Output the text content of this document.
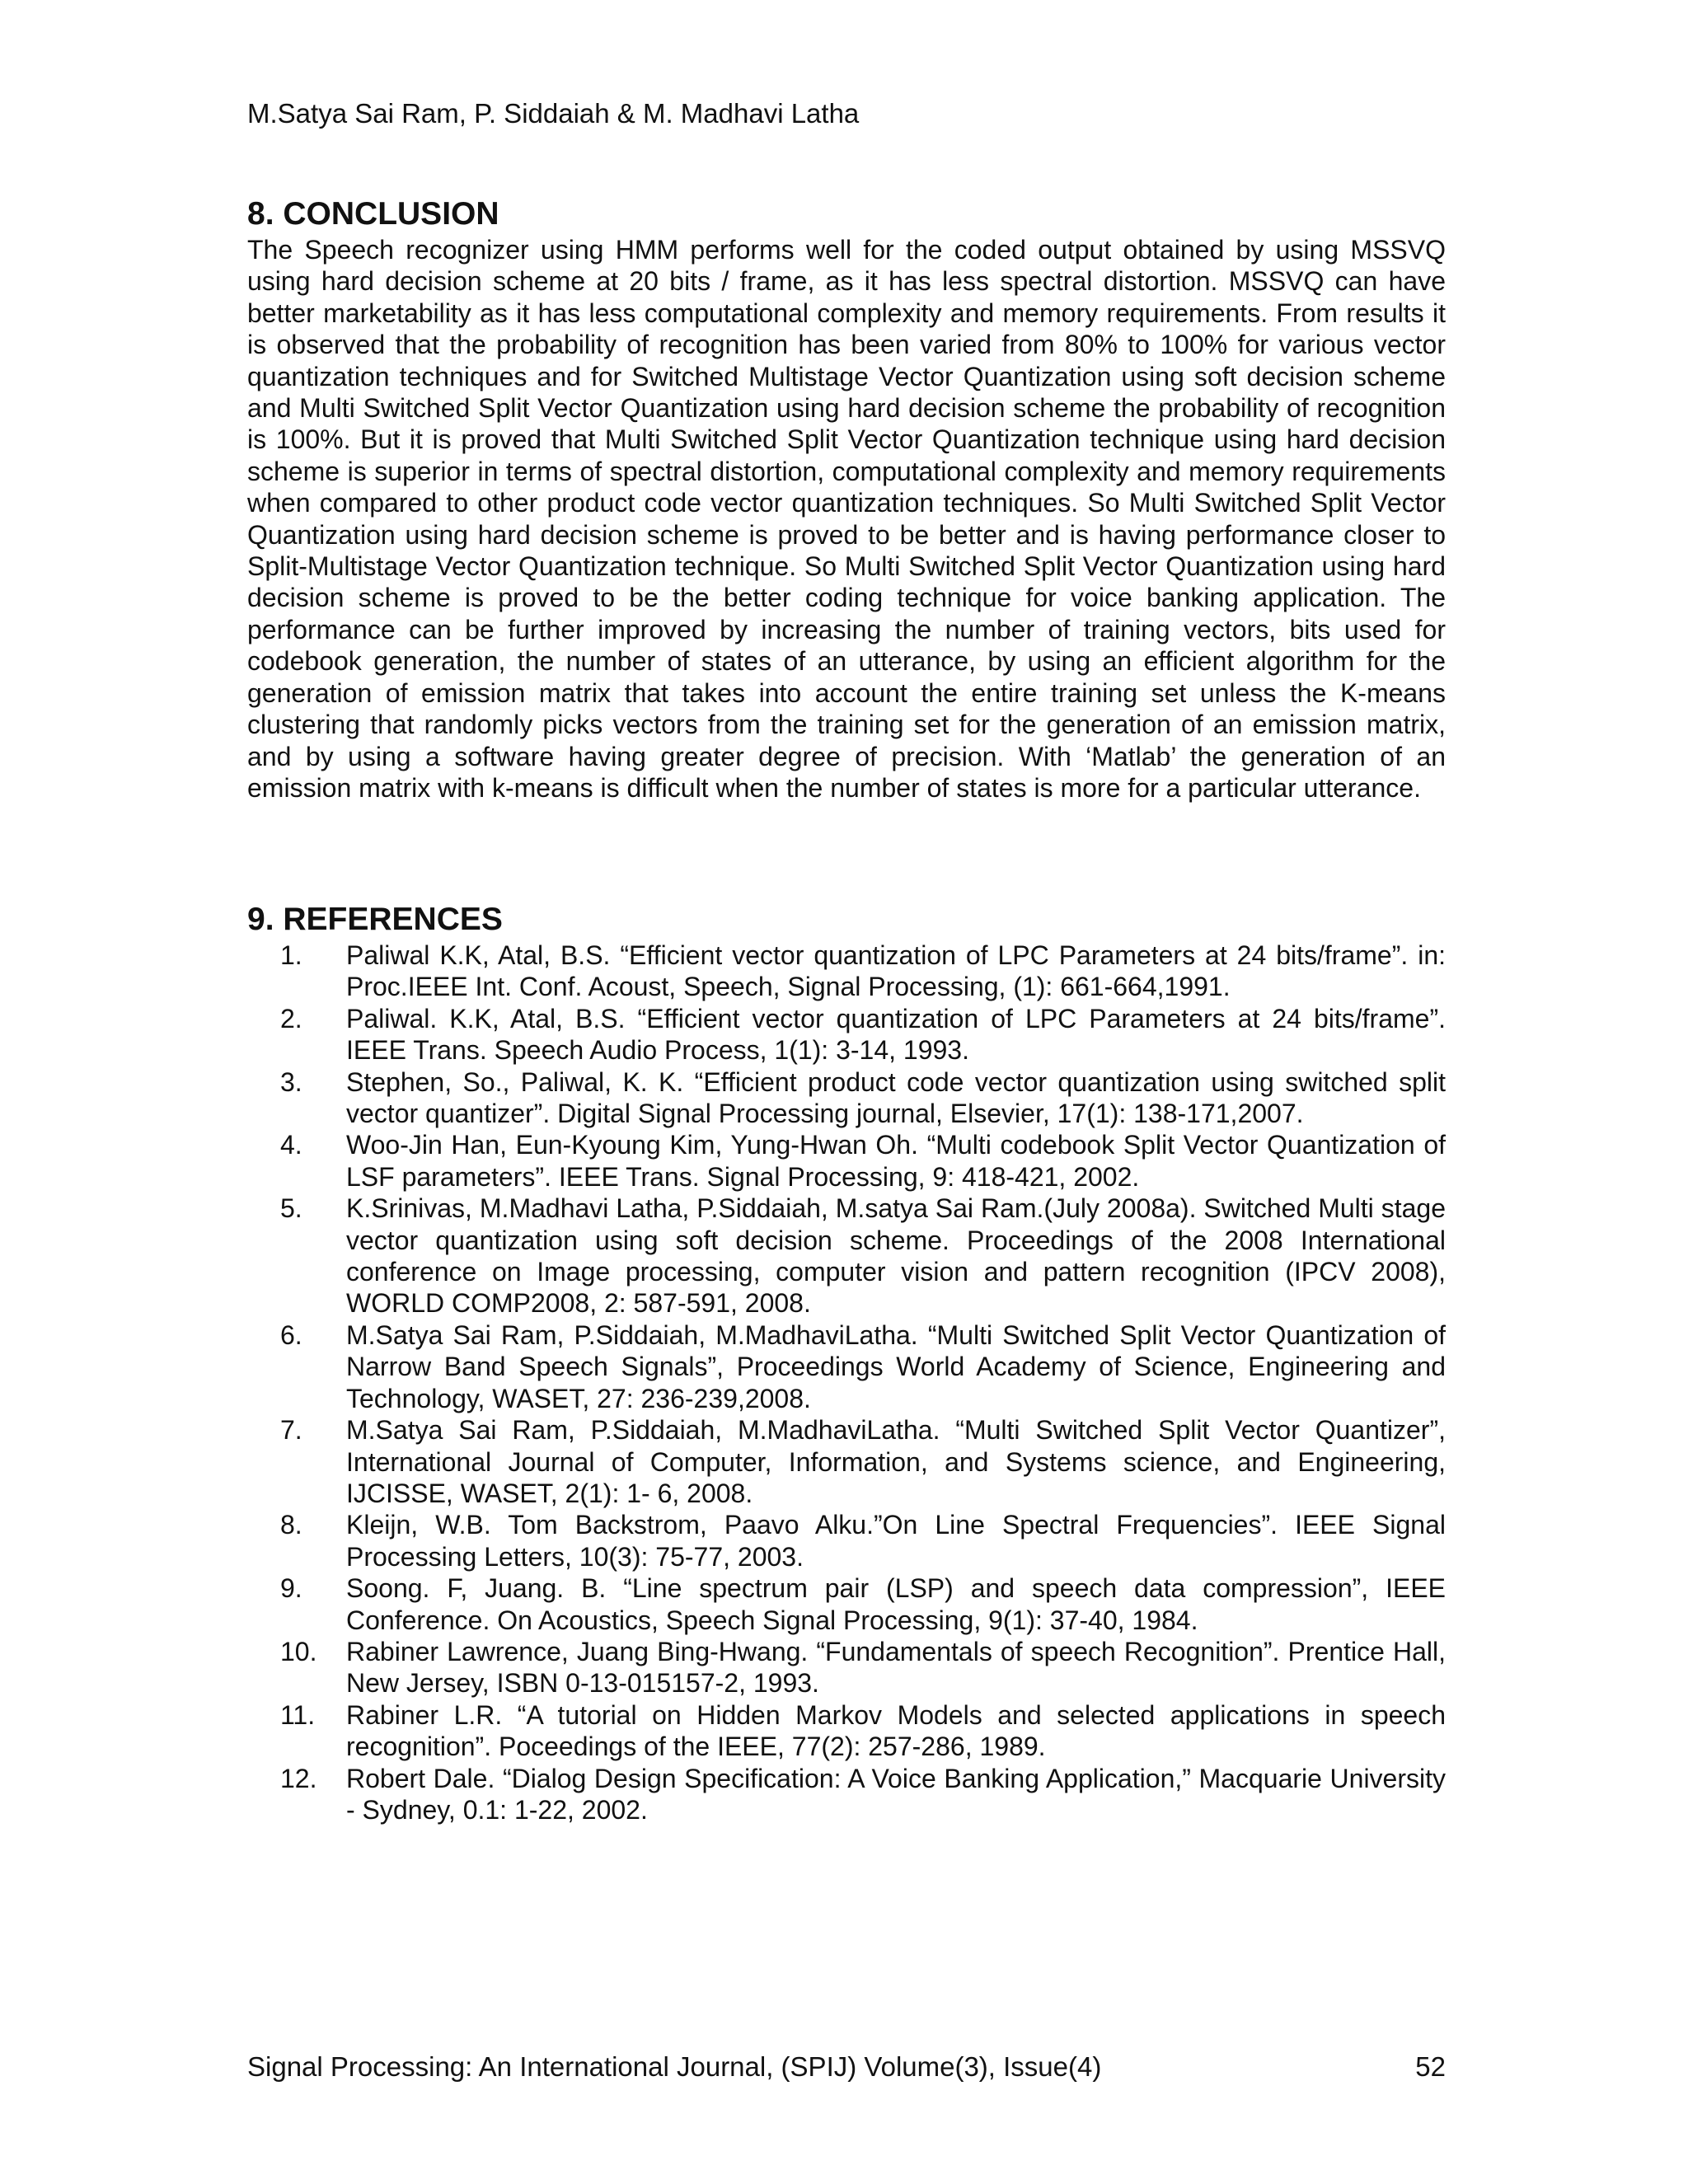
M.Satya Sai Ram, P. Siddaiah & M. Madhavi Latha
8. CONCLUSION

The Speech recognizer using HMM performs well for the coded output obtained by using MSSVQ using hard decision scheme at 20 bits / frame, as it has less spectral distortion. MSSVQ can have better marketability as it has less computational complexity and memory requirements. From results it is observed that the probability of recognition has been varied from 80% to 100% for various vector quantization techniques and for Switched Multistage Vector Quantization using soft decision scheme and Multi Switched Split Vector Quantization using hard decision scheme the probability of recognition is 100%. But it is proved that Multi Switched Split Vector Quantization technique using hard decision scheme is superior in terms of spectral distortion, computational complexity and memory requirements when compared to other product code vector quantization techniques. So Multi Switched Split Vector Quantization using hard decision scheme is proved to be better and is having performance closer to Split-Multistage Vector Quantization technique. So Multi Switched Split Vector Quantization using hard decision scheme is proved to be the better coding technique for voice banking application. The performance can be further improved by increasing the number of training vectors, bits used for codebook generation, the number of states of an utterance, by using an efficient algorithm for the generation of emission matrix that takes into account the entire training set unless the K-means clustering that randomly picks vectors from the training set for the generation of an emission matrix, and by using a software having greater degree of precision. With ‘Matlab’ the generation of an emission matrix with k-means is difficult when the number of states is more for a particular utterance.

9. REFERENCES
1.	Paliwal K.K, Atal, B.S. “Efficient vector quantization of LPC Parameters at 24 bits/frame”. in: Proc.IEEE Int. Conf. Acoust, Speech, Signal Processing, (1): 661-664,1991.
2.	Paliwal. K.K, Atal, B.S. “Efficient vector quantization of LPC Parameters at 24 bits/frame”. IEEE Trans. Speech Audio Process, 1(1): 3-14, 1993.
3.	Stephen, So., Paliwal, K. K. “Efficient product code vector quantization using switched split vector quantizer”. Digital Signal Processing journal, Elsevier, 17(1): 138-171,2007.
4.	Woo-Jin Han, Eun-Kyoung Kim, Yung-Hwan Oh. “Multi codebook Split Vector Quantization of LSF parameters”. IEEE Trans. Signal Processing, 9: 418-421, 2002.
5.	K.Srinivas, M.Madhavi Latha, P.Siddaiah, M.satya Sai Ram.(July 2008a). Switched Multi stage vector quantization using soft decision scheme. Proceedings of the 2008 International conference on Image processing, computer vision and pattern recognition (IPCV 2008), WORLD COMP2008, 2: 587-591, 2008.
6.	M.Satya Sai Ram, P.Siddaiah, M.MadhaviLatha. “Multi Switched Split Vector Quantization of Narrow Band Speech Signals”, Proceedings World Academy of Science, Engineering and Technology, WASET, 27: 236-239,2008.
7.	M.Satya Sai Ram, P.Siddaiah, M.MadhaviLatha. “Multi Switched Split Vector Quantizer”, International Journal of Computer, Information, and Systems science, and Engineering, IJCISSE, WASET, 2(1): 1- 6, 2008.
8.	Kleijn, W.B. Tom Backstrom, Paavo Alku.”On Line Spectral Frequencies”. IEEE Signal Processing Letters, 10(3): 75-77, 2003.
9.	Soong. F, Juang. B. “Line spectrum pair (LSP) and speech data compression”, IEEE Conference. On Acoustics, Speech Signal Processing, 9(1): 37-40, 1984.
10.	Rabiner Lawrence, Juang Bing-Hwang. “Fundamentals of speech Recognition”. Prentice Hall, New Jersey, ISBN 0-13-015157-2, 1993.
11.	Rabiner L.R. “A tutorial on Hidden Markov Models and selected applications in speech recognition”. Poceedings of the IEEE, 77(2): 257-286, 1989.
12.	Robert Dale. “Dialog Design Specification: A Voice Banking Application,” Macquarie University - Sydney, 0.1: 1-22, 2002.
Signal Processing: An International Journal, (SPIJ) Volume(3), Issue(4)	52
